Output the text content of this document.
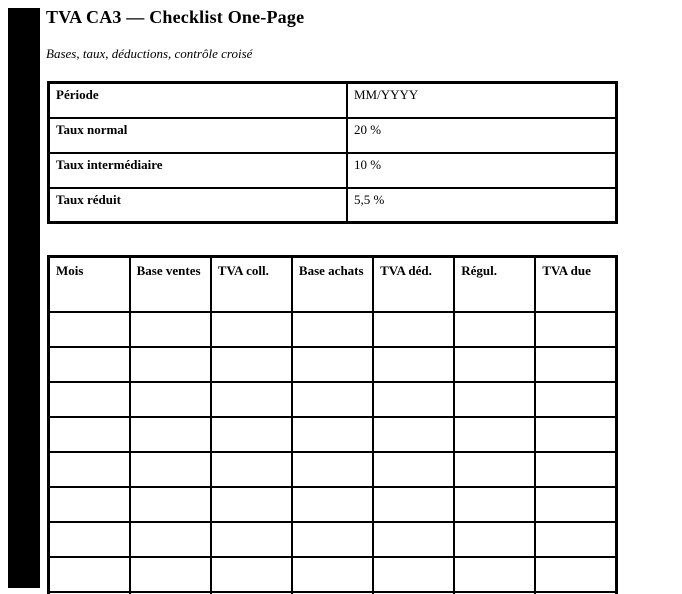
TVA CA3 — Checklist One-Page
Bases, taux, déductions, contrôle croisé
Période	MM/YYYY
Taux normal	20 %
Taux intermédiaire	10 %
Taux réduit	5,5 %
Mois	Base ventes	TVA coll.	Base achats	TVA déd.	Régul.	TVA due
